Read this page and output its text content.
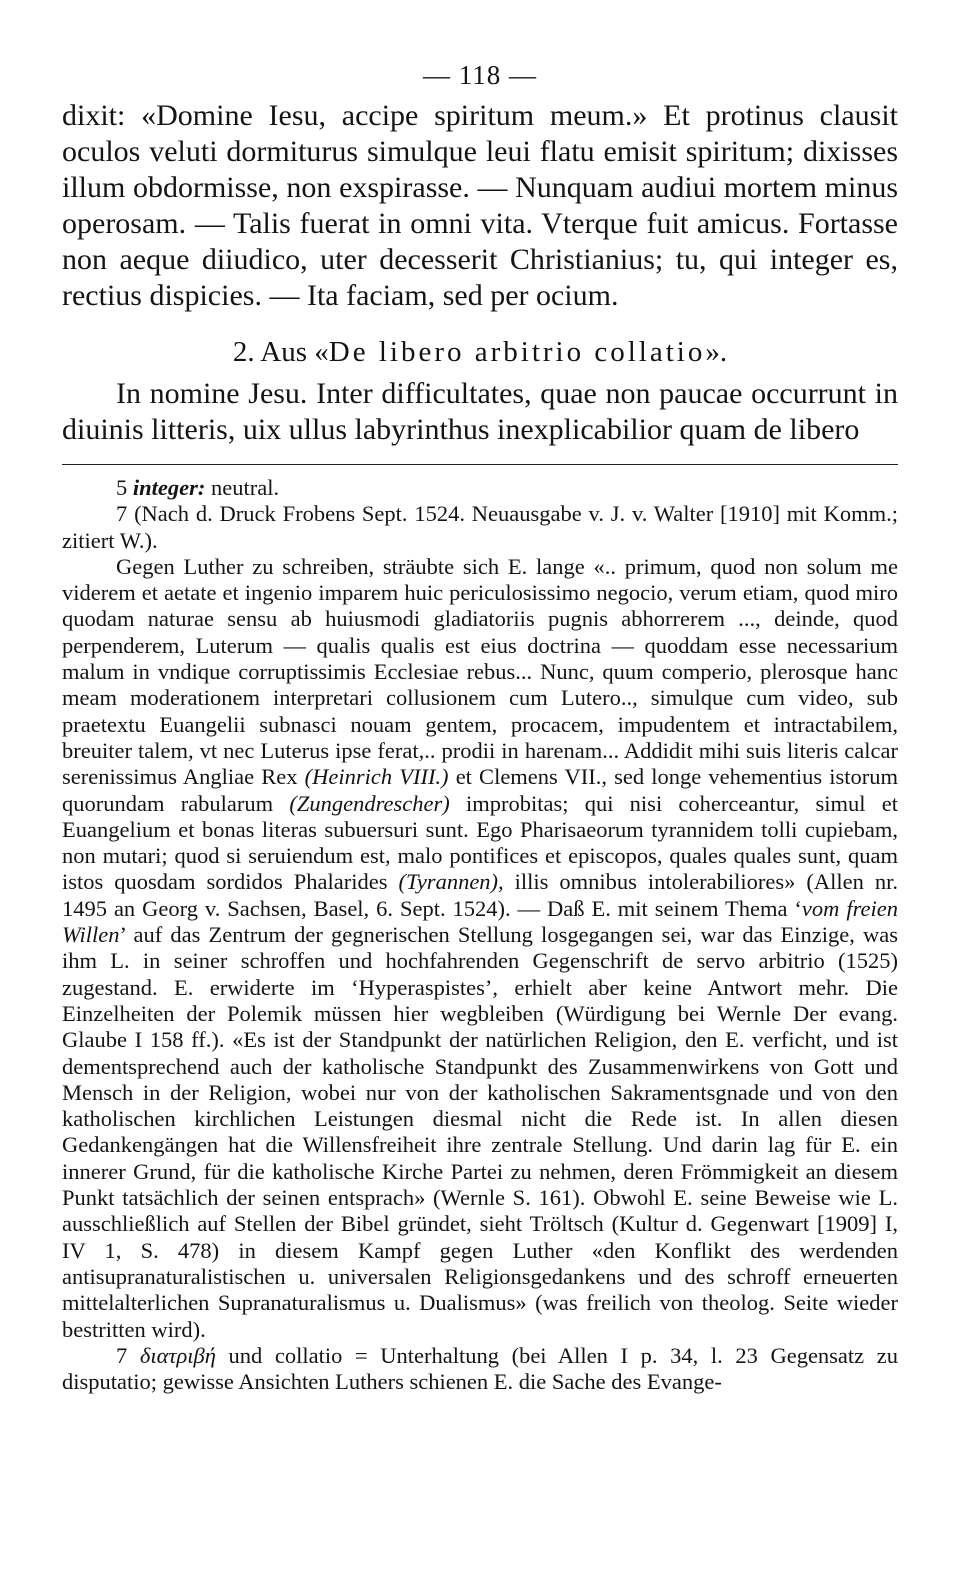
— 118 —

dixit: «Domine Iesu, accipe spiritum meum.» Et protinus clausit oculos veluti dormiturus simulque leui flatu emisit spiritum; dixisses illum obdormisse, non exspirasse. — Nunquam audiui mortem minus operosam. — Talis fuerat in omni vita. Vterque fuit amicus. Fortasse non aeque diiudico, uter decesserit Christianius; tu, qui integer es, rectius dispicies. — Ita faciam, sed per ocium.

2. Aus «De libero arbitrio collatio».

In nomine Jesu. Inter difficultates, quae non paucae occurrunt in diuinis litteris, uix ullus labyrinthus inexplicabilior quam de libero

5 integer: neutral.

7 (Nach d. Druck Frobens Sept. 1524. Neuausgabe v. J. v. Walter [1910] mit Komm.; zitiert W.).

Gegen Luther zu schreiben, sträubte sich E. lange «.. primum, quod non solum me viderem et aetate et ingenio imparem huic periculosissimo negocio, verum etiam, quod miro quodam naturae sensu ab huiusmodi gladiatoriis pugnis abhorrerem ..., deinde, quod perpenderem, Luterum — qualis qualis est eius doctrina — quoddam esse necessarium malum in vndique corruptissimis Ecclesiae rebus... Nunc, quum comperio, plerosque hanc meam moderationem interpretari collusionem cum Lutero.., simulque cum video, sub praetextu Euangelii subnasci nouam gentem, procacem, impudentem et intractabilem, breuiter talem, vt nec Luterus ipse ferat,.. prodii in harenam... Addidit mihi suis literis calcar serenissimus Angliae Rex (Heinrich VIII.) et Clemens VII., sed longe vehementius istorum quorundam rabularum (Zungendrescher) improbitas; qui nisi coherceantur, simul et Euangelium et bonas literas subuersuri sunt. Ego Pharisaeorum tyrannidem tolli cupiebam, non mutari; quod si seruiendum est, malo pontifices et episcopos, quales quales sunt, quam istos quosdam sordidos Phalarides (Tyrannen), illis omnibus intolerabiliores» (Allen nr. 1495 an Georg v. Sachsen, Basel, 6. Sept. 1524). — Daß E. mit seinem Thema ‘vom freien Willen’ auf das Zentrum der gegnerischen Stellung losgegangen sei, war das Einzige, was ihm L. in seiner schroffen und hochfahrenden Gegenschrift de servo arbitrio (1525) zugestand. E. erwiderte im ‘Hyperaspistes’, erhielt aber keine Antwort mehr. Die Einzelheiten der Polemik müssen hier wegbleiben (Würdigung bei Wernle Der evang. Glaube I 158 ff.). «Es ist der Standpunkt der natürlichen Religion, den E. verficht, und ist dementsprechend auch der katholische Standpunkt des Zusammenwirkens von Gott und Mensch in der Religion, wobei nur von der katholischen Sakramentsgnade und von den katholischen kirchlichen Leistungen diesmal nicht die Rede ist. In allen diesen Gedankengängen hat die Willensfreiheit ihre zentrale Stellung. Und darin lag für E. ein innerer Grund, für die katholische Kirche Partei zu nehmen, deren Frömmigkeit an diesem Punkt tatsächlich der seinen entsprach» (Wernle S. 161). Obwohl E. seine Beweise wie L. ausschließlich auf Stellen der Bibel gründet, sieht Tröltsch (Kultur d. Gegenwart [1909] I, IV 1, S. 478) in diesem Kampf gegen Luther «den Konflikt des werdenden antisupranaturalistischen u. universalen Religionsgedankens und des schroff erneuerten mittelalterlichen Supranaturalismus u. Dualismus» (was freilich von theolog. Seite wieder bestritten wird).

7 διατριβή und collatio = Unterhaltung (bei Allen I p. 34, l. 23 Gegensatz zu disputatio; gewisse Ansichten Luthers schienen E. die Sache des Evange-
